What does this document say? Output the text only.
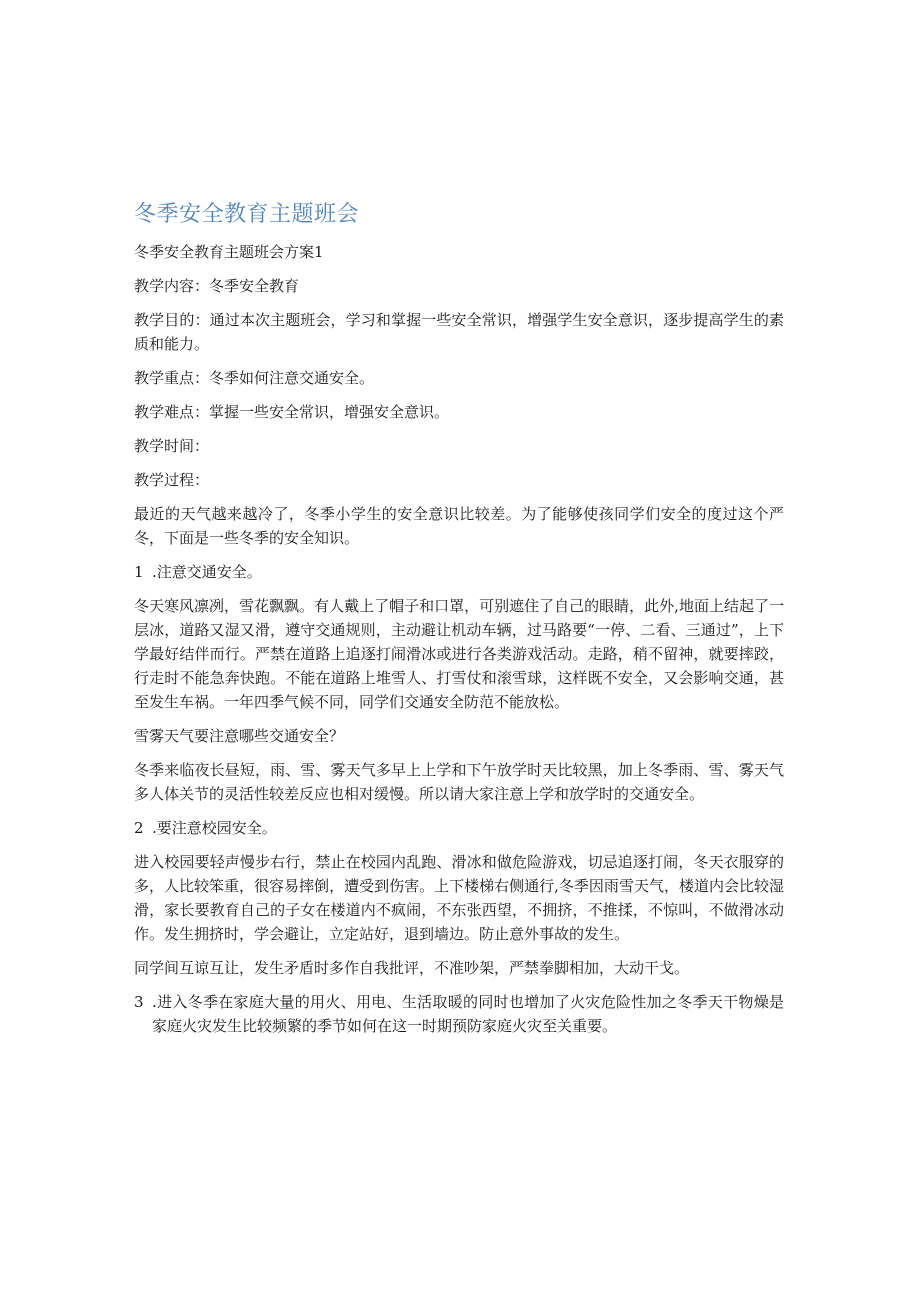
冬季安全教育主题班会

冬季安全教育主题班会方案1

教学内容：冬季安全教育

教学目的：通过本次主题班会，学习和掌握一些安全常识，增强学生安全意识，逐步提高学生的素质和能力。

教学重点：冬季如何注意交通安全。

教学难点：掌握一些安全常识，增强安全意识。

教学时间：

教学过程：

最近的天气越来越冷了，冬季小学生的安全意识比较差。为了能够使孩同学们安全的度过这个严冬，下面是一些冬季的安全知识。

1 .注意交通安全。

冬天寒风凛冽，雪花飘飘。有人戴上了帽子和口罩，可别遮住了自己的眼睛，此外,地面上结起了一层冰，道路又湿又滑，遵守交通规则，主动避让机动车辆，过马路要“一停、二看、三通过”，上下学最好结伴而行。严禁在道路上追逐打闹滑冰或进行各类游戏活动。走路，稍不留神，就要摔跤，行走时不能急奔快跑。不能在道路上堆雪人、打雪仗和滚雪球，这样既不安全，又会影响交通，甚至发生车祸。一年四季气候不同，同学们交通安全防范不能放松。

雪雾天气要注意哪些交通安全？

冬季来临夜长昼短，雨、雪、雾天气多早上上学和下午放学时天比较黑，加上冬季雨、雪、雾天气多人体关节的灵活性较差反应也相对缓慢。所以请大家注意上学和放学时的交通安全。

2 .要注意校园安全。

进入校园要轻声慢步右行，禁止在校园内乱跑、滑冰和做危险游戏，切忌追逐打闹，冬天衣服穿的多，人比较笨重，很容易摔倒，遭受到伤害。上下楼梯右侧通行,冬季因雨雪天气，楼道内会比较湿滑，家长要教育自己的子女在楼道内不疯闹，不东张西望，不拥挤，不推揉，不惊叫，不做滑冰动作。发生拥挤时，学会避让，立定站好，退到墙边。防止意外事故的发生。

同学间互谅互让，发生矛盾时多作自我批评，不准吵架，严禁拳脚相加，大动干戈。

3 .进入冬季在家庭大量的用火、用电、生活取暖的同时也增加了火灾危险性加之冬季天干物燥是家庭火灾发生比较频繁的季节如何在这一时期预防家庭火灾至关重要。
